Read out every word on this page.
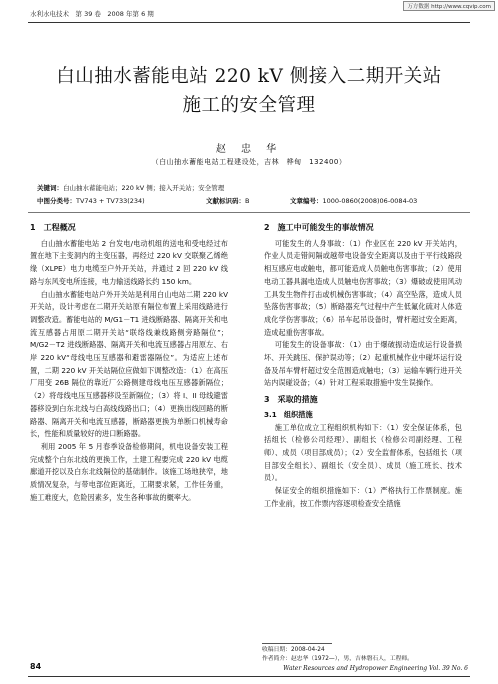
水利水电技术　第 39 卷　2008 年第 6 期
万方数据 http://www.cqvip.com
白山抽水蓄能电站 220 kV 侧接入二期开关站
施工的安全管理
赵 忠 华
（白山抽水蓄能电站工程建设处，吉林　桦甸　132400）
关键词：白山抽水蓄能电站；220 kV 侧；接入开关站；安全管理
中图分类号：TV743 + TV733(234)	文献标识码：B	文章编号：1000-0860(2008)06-0084-03
1　工程概况

白山抽水蓄能电站 2 台发电/电动机组的送电和受电经过布置在地下主变洞内的主变压器，再经过 220 kV 交联聚乙烯绝缘（XLPE）电力电缆至户外开关站，并通过 2 回 220 kV 线路与东风变电所连接，电力输送线路长约 150 km。

白山抽水蓄能电站户外开关站是利用白山电站二期 220 kV 开关站，设计考虑在二期开关站原有隔位布置上采用线路进行调整改造。蓄能电站的 M/G1－T1 进线断路器、隔离开关和电流互感器占用原二期开关站“联络线兼线路侧旁路隔位”；M/G2－T2 进线断路器、隔离开关和电流互感器占用原左、右岸 220 kV“母线电压互感器和避雷器隔位”。为适应上述布置，二期 220 kV 开关站隔位应做如下调整改造：（1）在高压厂用变 26B 隔位的靠近厂公路侧建母线电压互感器新隔位；（2）将母线电压互感器移设至新隔位；（3）将 I、II 母线避雷器移设到白东北线与白高线线路出口；（4）更换出线回路的断路器、隔离开关和电流互感器，断路器更换为单断口机械寿命长，性能和质量较好的进口断路器。

利用 2005 年 5 月春季设备检修期间，机电设备安装工程完成整个白东北线的更换工作，土建工程要完成 220 kV 电缆廊道开挖以及白东北线隔位的基础制作。该施工场地狭窄，地质情况复杂，与带电部位距离近，工期要求紧，工作任务重，施工难度大，危险因素多，发生各种事故的概率大。

2　施工中可能发生的事故情况

可能发生的人身事故：（1）作业区在 220 kV 开关站内，作业人员走错间隔或越带电设备安全距离以及由于平行线路段相互感应电或触电，都可能造成人员触电伤害事故；（2）使用电动工器具漏电造成人员触电伤害事故；（3）爆破或使用风动工具发生物件打击或机械伤害事故；（4）高空坠落，造成人员坠落伤害事故；（5）断路器充气过程中产生低氟化硫对人体造成化学伤害事故；（6）吊车起吊设备时，臂杆超过安全距离，造成起重伤害事故。

可能发生的设备事故：（1）由于爆破振动造成运行设备损坏、开关跳压、保护误动等；（2）起重机械作业中碰坏运行设备及吊车臂杆超过安全范围造成触电；（3）运输车辆行进开关站内误碰设备；（4）针对工程采取措施中发生误操作。

3　采取的措施
3.1　组织措施

施工单位成立工程组织机构如下：（1）安全保证体系，包括组长（检修公司经理）、副组长（检修公司副经理、工程师）、成员（项目部成员）；（2）安全监督体系，包括组长（项目部安全组长）、副组长（安全员）、成员（施工班长、技术员）。

保证安全的组织措施如下：（1）严格执行工作票制度。施工作业前，按工作票内容逐项检查安全措施

收稿日期：2008-04-24
作者简介：赵忠华（1972—），男，吉林磐石人，工程师。
84	Water Resources and Hydropower Engineering Vol. 39 No. 6
